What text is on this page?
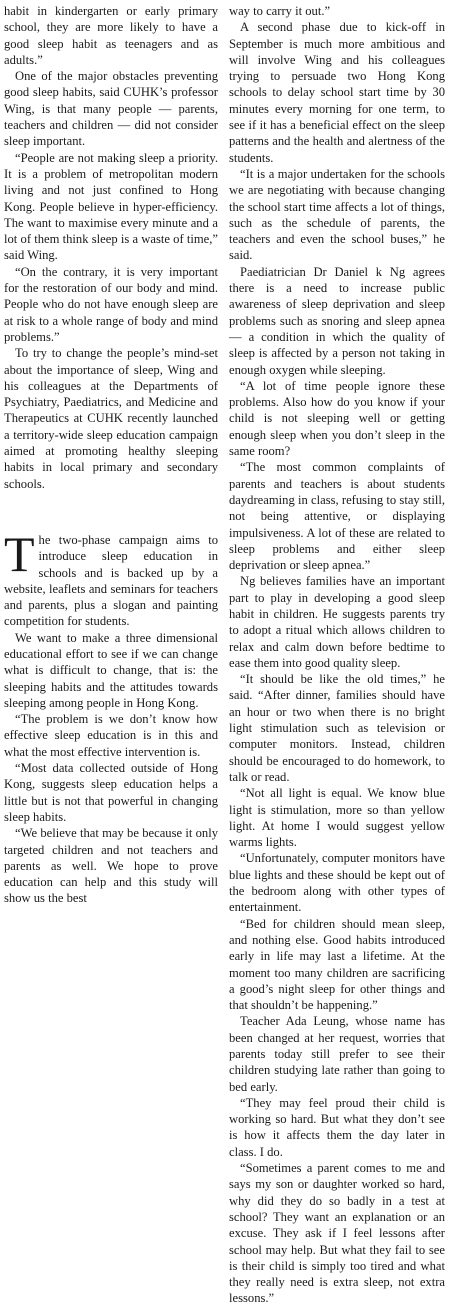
habit in kindergarten or early primary school, they are more likely to have a good sleep habit as teenagers and as adults.”

One of the major obstacles preventing good sleep habits, said CUHK’s professor Wing, is that many people — parents, teachers and children — did not consider sleep important.

“People are not making sleep a priority. It is a problem of metropolitan modern living and not just confined to Hong Kong. People believe in hyper-efficiency. The want to maximise every minute and a lot of them think sleep is a waste of time,” said Wing.

“On the contrary, it is very important for the restoration of our body and mind. People who do not have enough sleep are at risk to a whole range of body and mind problems.”

To try to change the people’s mind-set about the importance of sleep, Wing and his colleagues at the Departments of Psychiatry, Paediatrics, and Medicine and Therapeutics at CUHK recently launched a territory-wide sleep education campaign aimed at promoting healthy sleeping habits in local primary and secondary schools.

The two-phase campaign aims to introduce sleep education in schools and is backed up by a website, leaflets and seminars for teachers and parents, plus a slogan and painting competition for students.

We want to make a three dimensional educational effort to see if we can change what is difficult to change, that is: the sleeping habits and the attitudes towards sleeping among people in Hong Kong.

“The problem is we don’t know how effective sleep education is in this and what the most effective intervention is.

“Most data collected outside of Hong Kong, suggests sleep education helps a little but is not that powerful in changing sleep habits.

“We believe that may be because it only targeted children and not teachers and parents as well. We hope to prove education can help and this study will show us the best

way to carry it out.”

A second phase due to kick-off in September is much more ambitious and will involve Wing and his colleagues trying to persuade two Hong Kong schools to delay school start time by 30 minutes every morning for one term, to see if it has a beneficial effect on the sleep patterns and the health and alertness of the students.

“It is a major undertaken for the schools we are negotiating with because changing the school start time affects a lot of things, such as the schedule of parents, the teachers and even the school buses,” he said.

Paediatrician Dr Daniel k Ng agrees there is a need to increase public awareness of sleep deprivation and sleep problems such as snoring and sleep apnea — a condition in which the quality of sleep is affected by a person not taking in enough oxygen while sleeping.

“A lot of time people ignore these problems. Also how do you know if your child is not sleeping well or getting enough sleep when you don’t sleep in the same room?

“The most common complaints of parents and teachers is about students daydreaming in class, refusing to stay still, not being attentive, or displaying impulsiveness. A lot of these are related to sleep problems and either sleep deprivation or sleep apnea.”

Ng believes families have an important part to play in developing a good sleep habit in children. He suggests parents try to adopt a ritual which allows children to relax and calm down before bedtime to ease them into good quality sleep.

“It should be like the old times,” he said. “After dinner, families should have an hour or two when there is no bright light stimulation such as television or computer monitors. Instead, children should be encouraged to do homework, to talk or read.

“Not all light is equal. We know blue light is stimulation, more so than yellow light. At home I would suggest yellow warms lights.

“Unfortunately, computer monitors have blue lights and these should be kept out of the bedroom along with other types of entertainment.

“Bed for children should mean sleep, and nothing else. Good habits introduced early in life may last a lifetime. At the moment too many children are sacrificing a good’s night sleep for other things and that shouldn’t be happening.”

Teacher Ada Leung, whose name has been changed at her request, worries that parents today still prefer to see their children studying late rather than going to bed early.

“They may feel proud their child is working so hard. But what they don’t see is how it affects them the day later in class. I do.

“Sometimes a parent comes to me and says my son or daughter worked so hard, why did they do so badly in a test at school? They want an explanation or an excuse. They ask if I feel lessons after school may help. But what they fail to see is their child is simply too tired and what they really need is extra sleep, not extra lessons.”
